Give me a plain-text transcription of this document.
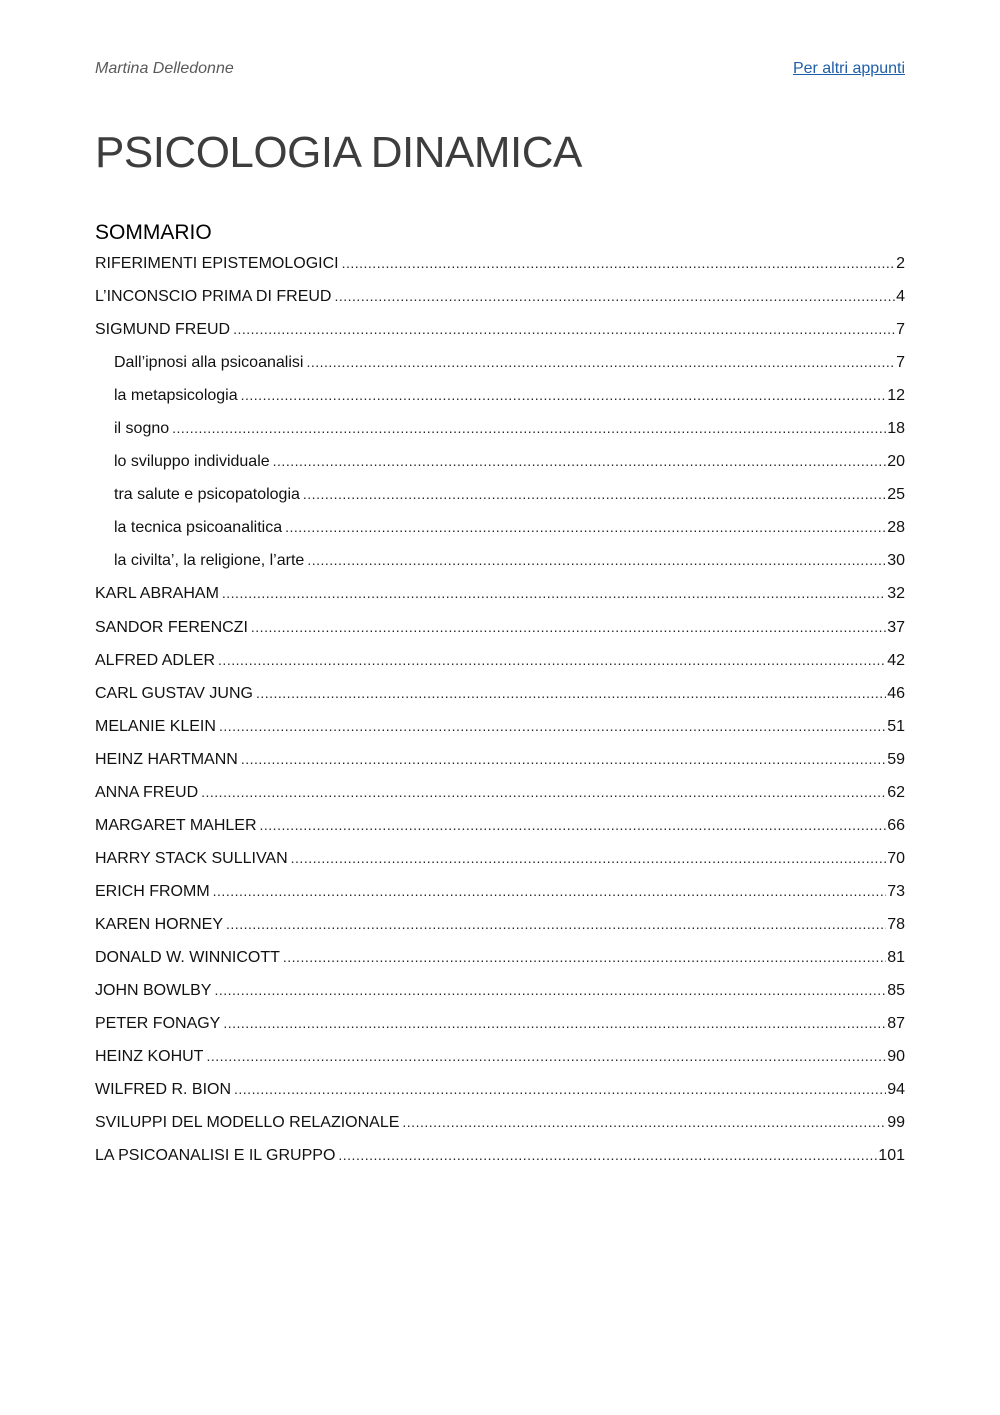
Martina Delledonne	Per altri appunti
PSICOLOGIA DINAMICA
SOMMARIO
RIFERIMENTI EPISTEMOLOGICI .....	2
L’INCONSCIO PRIMA DI FREUD .....	4
SIGMUND FREUD .....	7
Dall’ipnosi alla psicoanalisi .....	7
la metapsicologia .....	12
il sogno .....	18
lo sviluppo individuale .....	20
tra salute e psicopatologia .....	25
la tecnica psicoanalitica .....	28
la civilta’, la religione, l’arte .....	30
KARL ABRAHAM .....	32
SANDOR FERENCZI .....	37
ALFRED ADLER .....	42
CARL GUSTAV JUNG .....	46
MELANIE KLEIN .....	51
HEINZ HARTMANN .....	59
ANNA FREUD .....	62
MARGARET MAHLER .....	66
HARRY STACK SULLIVAN .....	70
ERICH FROMM .....	73
KAREN HORNEY .....	78
DONALD W. WINNICOTT .....	81
JOHN BOWLBY .....	85
PETER FONAGY .....	87
HEINZ KOHUT .....	90
WILFRED R. BION .....	94
SVILUPPI DEL MODELLO RELAZIONALE .....	99
LA PSICOANALISI E IL GRUPPO .....	101
